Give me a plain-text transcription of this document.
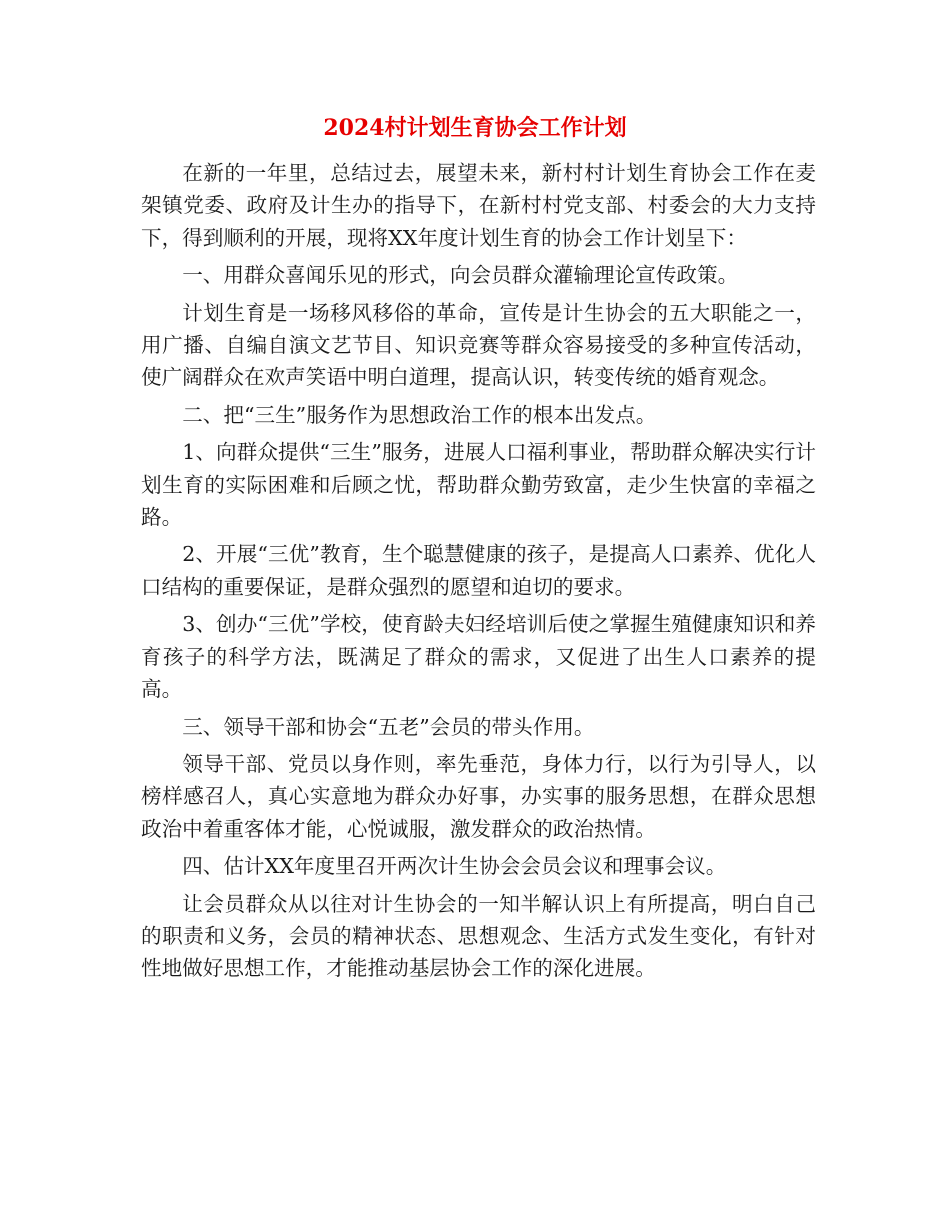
2024村计划生育协会工作计划

在新的一年里，总结过去，展望未来，新村村计划生育协会工作在麦架镇党委、政府及计生办的指导下，在新村村党支部、村委会的大力支持下，得到顺利的开展，现将XX年度计划生育的协会工作计划呈下：

一、用群众喜闻乐见的形式，向会员群众灌输理论宣传政策。

计划生育是一场移风移俗的革命，宣传是计生协会的五大职能之一，用广播、自编自演文艺节目、知识竞赛等群众容易接受的多种宣传活动，使广阔群众在欢声笑语中明白道理，提高认识，转变传统的婚育观念。

二、把“三生”服务作为思想政治工作的根本出发点。

1、向群众提供“三生”服务，进展人口福利事业，帮助群众解决实行计划生育的实际困难和后顾之忧，帮助群众勤劳致富，走少生快富的幸福之路。

2、开展“三优”教育，生个聪慧健康的孩子，是提高人口素养、优化人口结构的重要保证，是群众强烈的愿望和迫切的要求。

3、创办“三优”学校，使育龄夫妇经培训后使之掌握生殖健康知识和养育孩子的科学方法，既满足了群众的需求，又促进了出生人口素养的提高。

三、领导干部和协会“五老”会员的带头作用。

领导干部、党员以身作则，率先垂范，身体力行，以行为引导人，以榜样感召人，真心实意地为群众办好事，办实事的服务思想，在群众思想政治中着重客体才能，心悦诚服，激发群众的政治热情。

四、估计XX年度里召开两次计生协会会员会议和理事会议。

让会员群众从以往对计生协会的一知半解认识上有所提高，明白自己的职责和义务，会员的精神状态、思想观念、生活方式发生变化，有针对性地做好思想工作，才能推动基层协会工作的深化进展。
